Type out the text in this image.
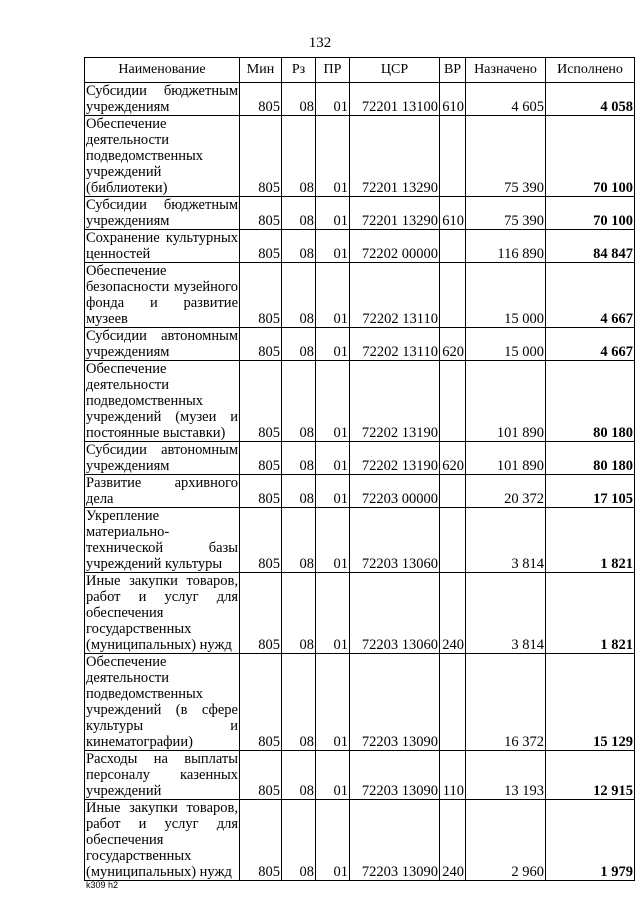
132
Наименование	Мин	Рз	ПР	ЦСР	ВР	Назначено	Исполнено
Субсидии бюджетным учреждениям	805	08	01	72201 13100	610	4 605	4 058
Обеспечение деятельности подведомственных учреждений (библиотеки)	805	08	01	72201 13290		75 390	70 100
Субсидии бюджетным учреждениям	805	08	01	72201 13290	610	75 390	70 100
Сохранение культурных ценностей	805	08	01	72202 00000		116 890	84 847
Обеспечение безопасности музейного фонда и развитие музеев	805	08	01	72202 13110		15 000	4 667
Субсидии автономным учреждениям	805	08	01	72202 13110	620	15 000	4 667
Обеспечение деятельности подведомственных учреждений (музеи и постоянные выставки)	805	08	01	72202 13190		101 890	80 180
Субсидии автономным учреждениям	805	08	01	72202 13190	620	101 890	80 180
Развитие архивного дела	805	08	01	72203 00000		20 372	17 105
Укрепление материально-технической базы учреждений культуры	805	08	01	72203 13060		3 814	1 821
Иные закупки товаров, работ и услуг для обеспечения государственных (муниципальных) нужд	805	08	01	72203 13060	240	3 814	1 821
Обеспечение деятельности подведомственных учреждений (в сфере культуры и кинематографии)	805	08	01	72203 13090		16 372	15 129
Расходы на выплаты персоналу казенных учреждений	805	08	01	72203 13090	110	13 193	12 915
Иные закупки товаров, работ и услуг для обеспечения государственных (муниципальных) нужд	805	08	01	72203 13090	240	2 960	1 979
k309 h2
